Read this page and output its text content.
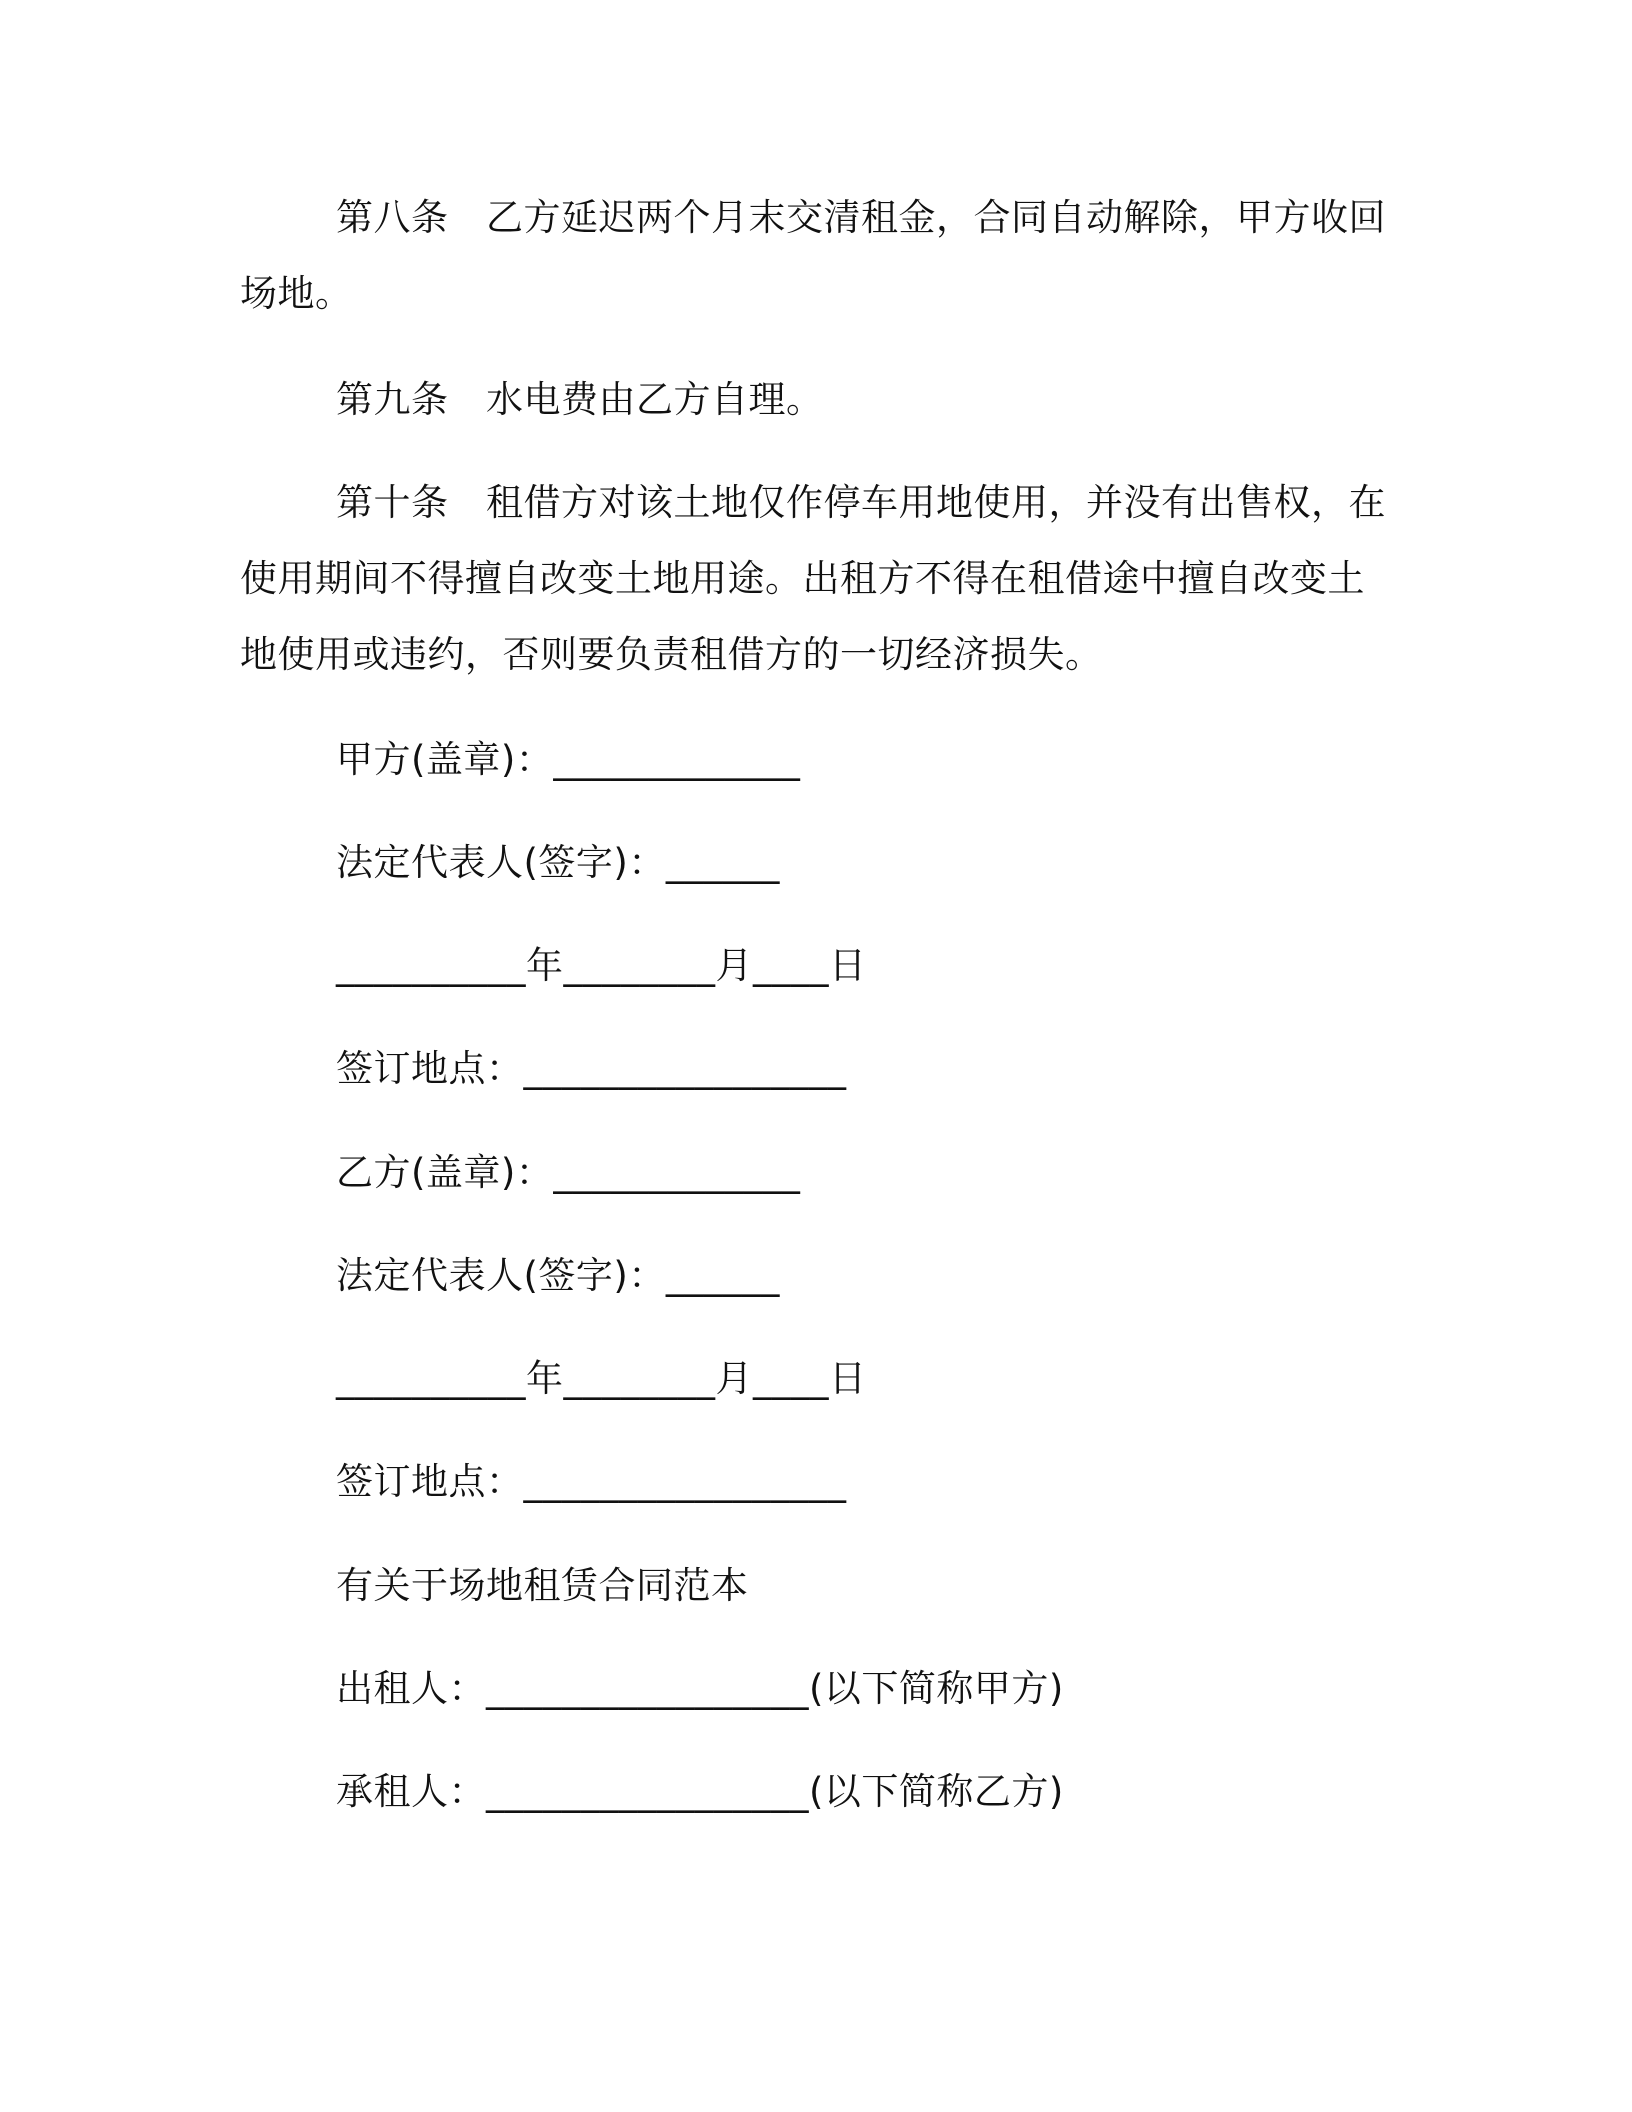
第八条　乙方延迟两个月末交清租金，合同自动解除，甲方收回场地。
第九条　水电费由乙方自理。
第十条　租借方对该土地仅作停车用地使用，并没有出售权，在使用期间不得擅自改变土地用途。出租方不得在租借途中擅自改变土地使用或违约，否则要负责租借方的一切经济损失。
甲方(盖章)：_____________
法定代表人(签字)：______
__________年________月____日
签订地点：_________________
乙方(盖章)：_____________
法定代表人(签字)：______
__________年________月____日
签订地点：_________________
有关于场地租赁合同范本
出租人：_________________(以下简称甲方)
承租人：_________________(以下简称乙方)
